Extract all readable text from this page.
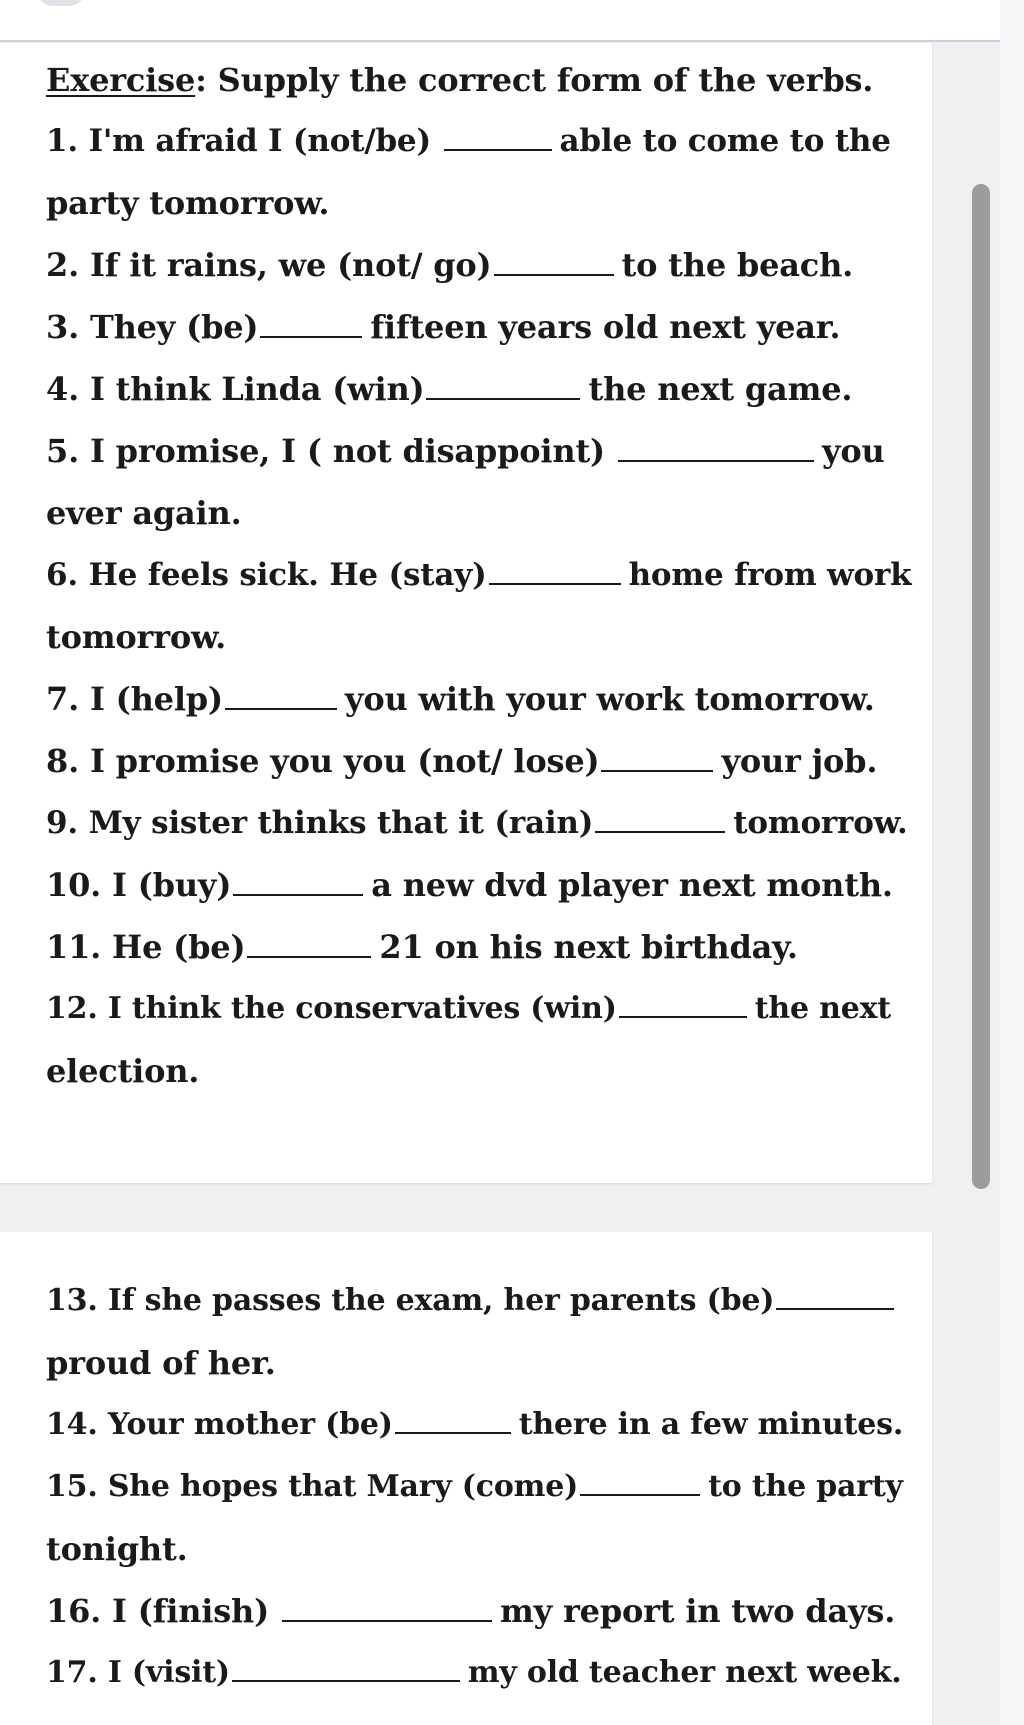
Exercise: Supply the correct form of the verbs.
1. I'm afraid I (not/be)	able to come to the
party tomorrow.
2. If it rains, we (not/ go)	to the beach.
3. They (be)	fifteen years old next year.
4. I think Linda (win)	the next game.
5. I promise, I ( not disappoint)	you
ever again.
6. He feels sick. He (stay)	home from work
tomorrow.
7. I (help)	you with your work tomorrow.
8. I promise you you (not/ lose)	your job.
9. My sister thinks that it (rain)	tomorrow.
10. I (buy)	a new dvd player next month.
11. He (be)	21 on his next birthday.
12. I think the conservatives (win)	the next
election.
13. If she passes the exam, her parents (be)
proud of her.
14. Your mother (be)	there in a few minutes.
15. She hopes that Mary (come)	to the party
tonight.
16. I (finish)	my report in two days.
17. I (visit)	my old teacher next week.
